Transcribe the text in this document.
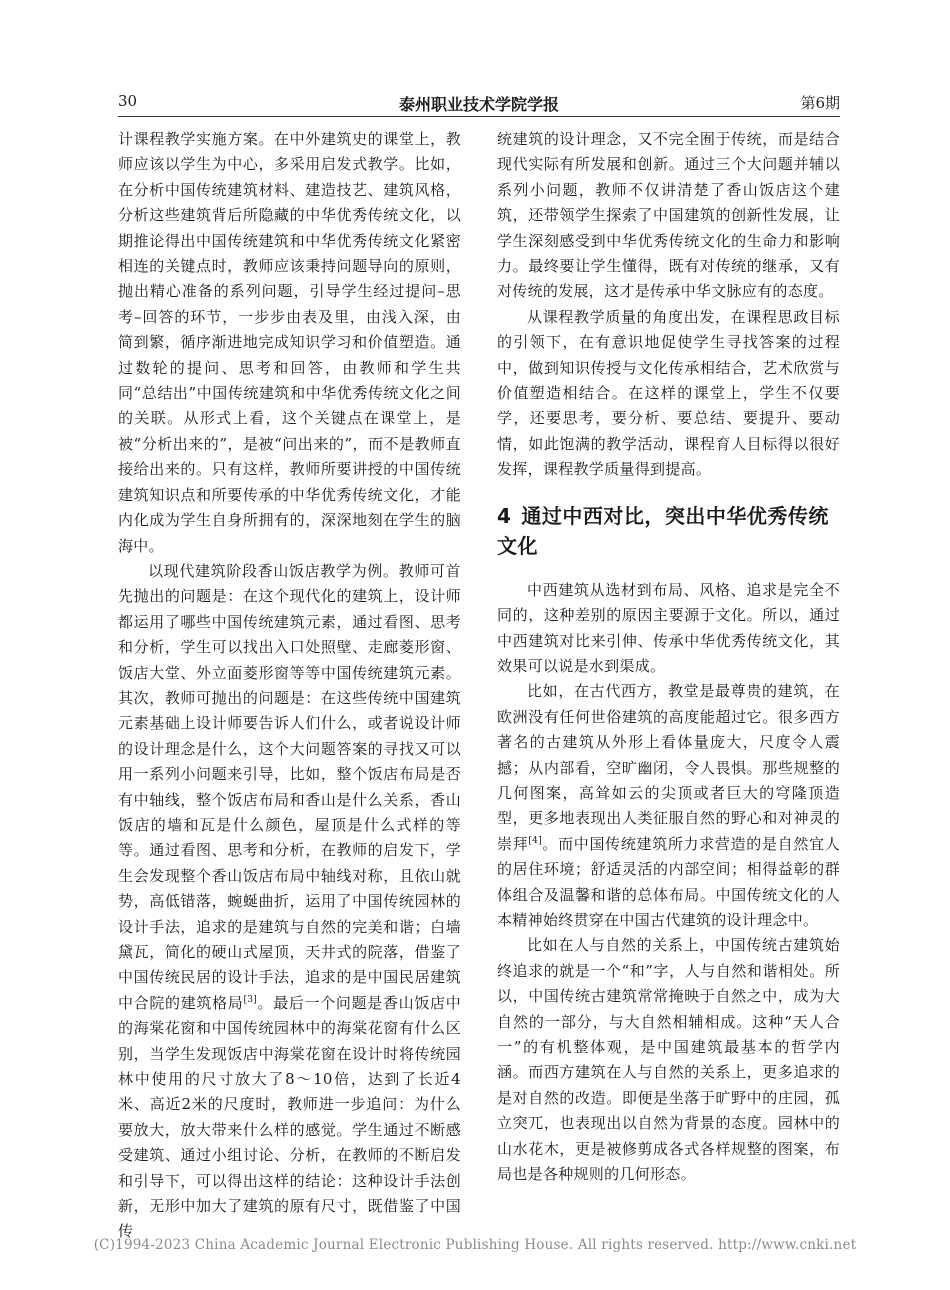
30	泰州职业技术学院学报	第6期

计课程教学实施方案。在中外建筑史的课堂上，教师应该以学生为中心，多采用启发式教学。比如，在分析中国传统建筑材料、建造技艺、建筑风格，分析这些建筑背后所隐藏的中华优秀传统文化，以期推论得出中国传统建筑和中华优秀传统文化紧密相连的关键点时，教师应该秉持问题导向的原则，抛出精心准备的系列问题，引导学生经过提问–思考–回答的环节，一步步由表及里，由浅入深，由简到繁，循序渐进地完成知识学习和价值塑造。通过数轮的提问、思考和回答，由教师和学生共同“总结出”中国传统建筑和中华优秀传统文化之间的关联。从形式上看，这个关键点在课堂上，是被“分析出来的”，是被“问出来的”，而不是教师直接给出来的。只有这样，教师所要讲授的中国传统建筑知识点和所要传承的中华优秀传统文化，才能内化成为学生自身所拥有的，深深地刻在学生的脑海中。

以现代建筑阶段香山饭店教学为例。教师可首先抛出的问题是：在这个现代化的建筑上，设计师都运用了哪些中国传统建筑元素，通过看图、思考和分析，学生可以找出入口处照壁、走廊菱形窗、饭店大堂、外立面菱形窗等等中国传统建筑元素。其次，教师可抛出的问题是：在这些传统中国建筑元素基础上设计师要告诉人们什么，或者说设计师的设计理念是什么，这个大问题答案的寻找又可以用一系列小问题来引导，比如，整个饭店布局是否有中轴线，整个饭店布局和香山是什么关系，香山饭店的墙和瓦是什么颜色，屋顶是什么式样的等等。通过看图、思考和分析，在教师的启发下，学生会发现整个香山饭店布局中轴线对称，且依山就势，高低错落，蜿蜒曲折，运用了中国传统园林的设计手法，追求的是建筑与自然的完美和谐；白墙黛瓦，简化的硬山式屋顶，天井式的院落，借鉴了中国传统民居的设计手法，追求的是中国民居建筑中合院的建筑格局[3]。最后一个问题是香山饭店中的海棠花窗和中国传统园林中的海棠花窗有什么区别，当学生发现饭店中海棠花窗在设计时将传统园林中使用的尺寸放大了8～10倍，达到了长近4米、高近2米的尺度时，教师进一步追问：为什么要放大，放大带来什么样的感觉。学生通过不断感受建筑、通过小组讨论、分析，在教师的不断启发和引导下，可以得出这样的结论：这种设计手法创新，无形中加大了建筑的原有尺寸，既借鉴了中国传

统建筑的设计理念，又不完全囿于传统，而是结合现代实际有所发展和创新。通过三个大问题并辅以系列小问题，教师不仅讲清楚了香山饭店这个建筑，还带领学生探索了中国建筑的创新性发展，让学生深刻感受到中华优秀传统文化的生命力和影响力。最终要让学生懂得，既有对传统的继承，又有对传统的发展，这才是传承中华文脉应有的态度。

从课程教学质量的角度出发，在课程思政目标的引领下，在有意识地促使学生寻找答案的过程中，做到知识传授与文化传承相结合，艺术欣赏与价值塑造相结合。在这样的课堂上，学生不仅要学，还要思考，要分析、要总结、要提升、要动情，如此饱满的教学活动，课程育人目标得以很好发挥，课程教学质量得到提高。

4 通过中西对比，突出中华优秀传统文化

中西建筑从选材到布局、风格、追求是完全不同的，这种差别的原因主要源于文化。所以，通过中西建筑对比来引伸、传承中华优秀传统文化，其效果可以说是水到渠成。

比如，在古代西方，教堂是最尊贵的建筑，在欧洲没有任何世俗建筑的高度能超过它。很多西方著名的古建筑从外形上看体量庞大，尺度令人震撼；从内部看，空旷幽闭，令人畏惧。那些规整的几何图案，高耸如云的尖顶或者巨大的穹隆顶造型，更多地表现出人类征服自然的野心和对神灵的崇拜[4]。而中国传统建筑所力求营造的是自然宜人的居住环境；舒适灵活的内部空间；相得益彰的群体组合及温馨和谐的总体布局。中国传统文化的人本精神始终贯穿在中国古代建筑的设计理念中。

比如在人与自然的关系上，中国传统古建筑始终追求的就是一个“和”字，人与自然和谐相处。所以，中国传统古建筑常常掩映于自然之中，成为大自然的一部分，与大自然相辅相成。这种“天人合一”的有机整体观，是中国建筑最基本的哲学内涵。而西方建筑在人与自然的关系上，更多追求的是对自然的改造。即便是坐落于旷野中的庄园，孤立突兀，也表现出以自然为背景的态度。园林中的山水花木，更是被修剪成各式各样规整的图案，布局也是各种规则的几何形态。

(C)1994-2023 China Academic Journal Electronic Publishing House. All rights reserved. http://www.cnki.net
